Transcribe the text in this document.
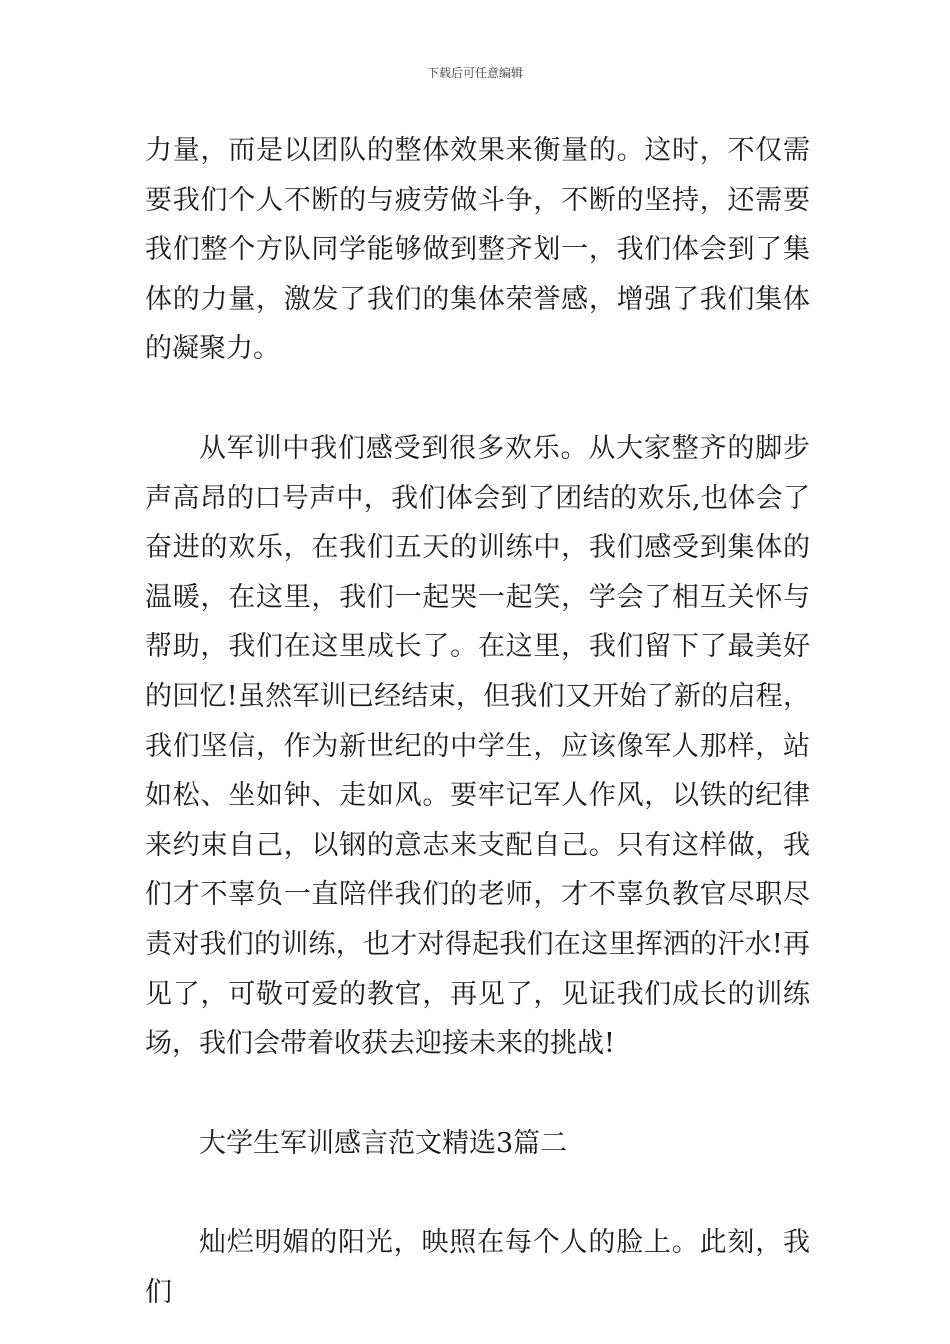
下载后可任意编辑

力量，而是以团队的整体效果来衡量的。这时，不仅需要我们个人不断的与疲劳做斗争，不断的坚持，还需要我们整个方队同学能够做到整齐划一，我们体会到了集体的力量，激发了我们的集体荣誉感，增强了我们集体的凝聚力。

从军训中我们感受到很多欢乐。从大家整齐的脚步声高昂的口号声中，我们体会到了团结的欢乐,也体会了奋进的欢乐，在我们五天的训练中，我们感受到集体的温暖，在这里，我们一起哭一起笑，学会了相互关怀与帮助，我们在这里成长了。在这里，我们留下了最美好的回忆!虽然军训已经结束，但我们又开始了新的启程，我们坚信，作为新世纪的中学生，应该像军人那样，站如松、坐如钟、走如风。要牢记军人作风，以铁的纪律来约束自己，以钢的意志来支配自己。只有这样做，我们才不辜负一直陪伴我们的老师，才不辜负教官尽职尽责对我们的训练，也才对得起我们在这里挥洒的汗水!再见了，可敬可爱的教官，再见了，见证我们成长的训练场，我们会带着收获去迎接未来的挑战!

大学生军训感言范文精选3篇二

灿烂明媚的阳光，映照在每个人的脸上。此刻，我们
